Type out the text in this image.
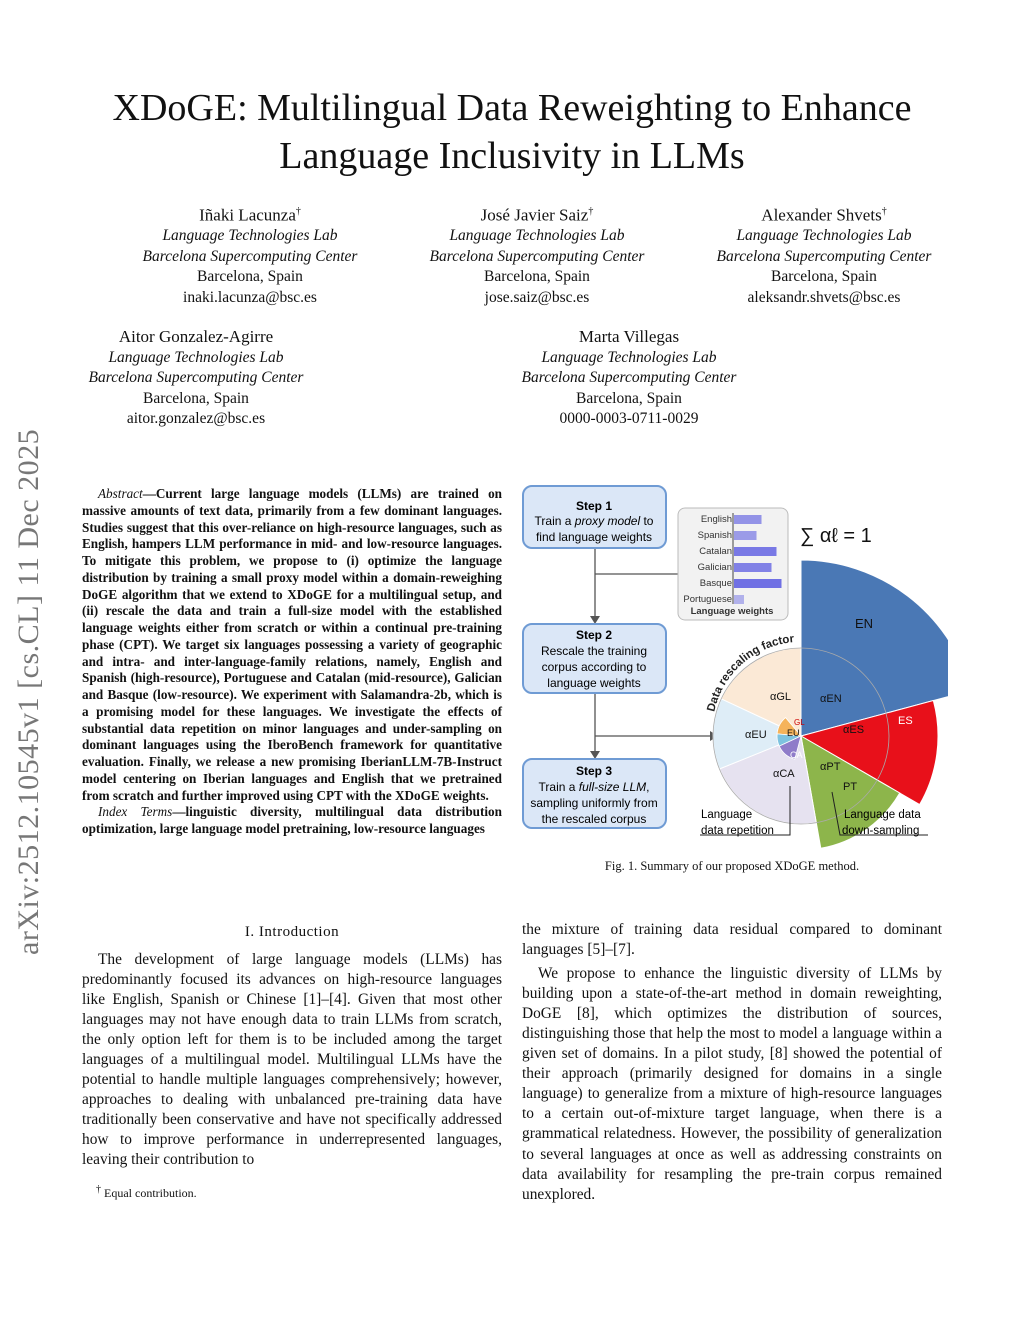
XDoGE: Multilingual Data Reweighting to Enhance
Language Inclusivity in LLMs
arXiv:2512.10545v1 [cs.CL] 11 Dec 2025
Iñaki Lacunza†
Language Technologies Lab
Barcelona Supercomputing Center
Barcelona, Spain
inaki.lacunza@bsc.es
José Javier Saiz†
Language Technologies Lab
Barcelona Supercomputing Center
Barcelona, Spain
jose.saiz@bsc.es
Alexander Shvets†
Language Technologies Lab
Barcelona Supercomputing Center
Barcelona, Spain
aleksandr.shvets@bsc.es
Aitor Gonzalez-Agirre
Language Technologies Lab
Barcelona Supercomputing Center
Barcelona, Spain
aitor.gonzalez@bsc.es
Marta Villegas
Language Technologies Lab
Barcelona Supercomputing Center
Barcelona, Spain
0000-0003-0711-0029
Abstract—Current large language models (LLMs) are trained on massive amounts of text data, primarily from a few dominant languages. Studies suggest that this over-reliance on high-resource languages, such as English, hampers LLM performance in mid- and low-resource languages. To mitigate this problem, we propose to (i) optimize the language distribution by training a small proxy model within a domain-reweighing DoGE algorithm that we extend to XDoGE for a multilingual setup, and (ii) rescale the data and train a full-size model with the established language weights either from scratch or within a continual pre-training phase (CPT). We target six languages possessing a variety of geographic and intra- and inter-language-family relations, namely, English and Spanish (high-resource), Portuguese and Catalan (mid-resource), Galician and Basque (low-resource). We experiment with Salamandra-2b, which is a promising model for these languages. We investigate the effects of substantial data repetition on minor languages and under-sampling on dominant languages using the IberoBench framework for quantitative evaluation. Finally, we release a new promising IberianLLM-7B-Instruct model centering on Iberian languages and English that we pretrained from scratch and further improved using CPT with the XDoGE weights.
Index Terms—linguistic diversity, multilingual data distribution optimization, large language model pretraining, low-resource languages
I. Introduction
The development of large language models (LLMs) has predominantly focused its advances on high-resource languages like English, Spanish or Chinese [1]–[4]. Given that most other languages may not have enough data to train LLMs from scratch, the only option left for them is to be included among the target languages of a multilingual model. Multilingual LLMs have the potential to handle multiple languages comprehensively; however, approaches to dealing with unbalanced pre-training data have traditionally been conservative and have not specifically addressed how to improve performance in underrepresented languages, leaving their contribution to
† Equal contribution.
the mixture of training data residual compared to dominant languages [5]–[7].
We propose to enhance the linguistic diversity of LLMs by building upon a state-of-the-art method in domain reweighting, DoGE [8], which optimizes the distribution of sources, distinguishing those that help the most to model a language within a given set of domains. In a pilot study, [8] showed the potential of their approach (primarily designed for domains in a single language) to generalize from a mixture of high-resource languages to a certain out-of-mixture target language, when there is a grammatical relatedness. However, the possibility of generalization to several languages at once as well as addressing constraints on data availability for resampling the pre-train corpus remained unexplored.
Step 1
Train a proxy model to
find language weights
Step 2
Rescale the training
corpus according to
language weights
Step 3
Train a full-size LLM,
sampling uniformly from
the rescaled corpus
English
Spanish
Catalan
Galician
Basque
Portuguese
Language weights
∑ αℓ = 1
EN
αEN
ES
αES
PT
αPT
CA
αCA
EU
αEU
GL
αGL
Data rescaling factor
Language
data repetition
Language data
down-sampling
Fig. 1. Summary of our proposed XDoGE method.
